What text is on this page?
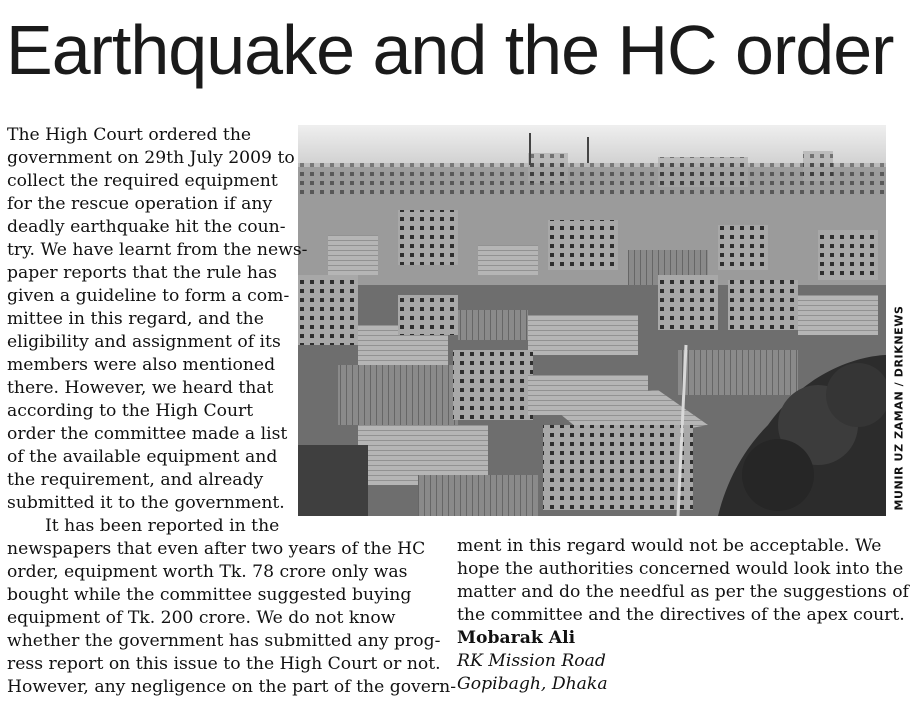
Earthquake and the HC order
MUNIR UZ ZAMAN / DRIKNEWS
The High Court ordered the
government on 29th July 2009 to
collect the required equipment
for the rescue operation if any
deadly earthquake hit the coun-
try. We have learnt from the news-
paper reports that the rule has
given a guideline to form a com-
mittee in this regard, and the
eligibility and assignment of its
members were also mentioned
there. However, we heard that
according to the High Court
order the committee made a list
of the available equipment and
the requirement, and already
submitted it to the government.
It has been reported in the
newspapers that even after two years of the HC
order, equipment worth Tk. 78 crore only was
bought while the committee suggested buying
equipment of Tk. 200 crore. We do not know
whether the government has submitted any prog-
ress report on this issue to the High Court or not.
However, any negligence on the part of the govern-
ment in this regard would not be acceptable. We
hope the authorities concerned would look into the
matter and do the needful as per the suggestions of
the committee and the directives of the apex court.
Mobarak Ali
RK Mission Road
Gopibagh, Dhaka
